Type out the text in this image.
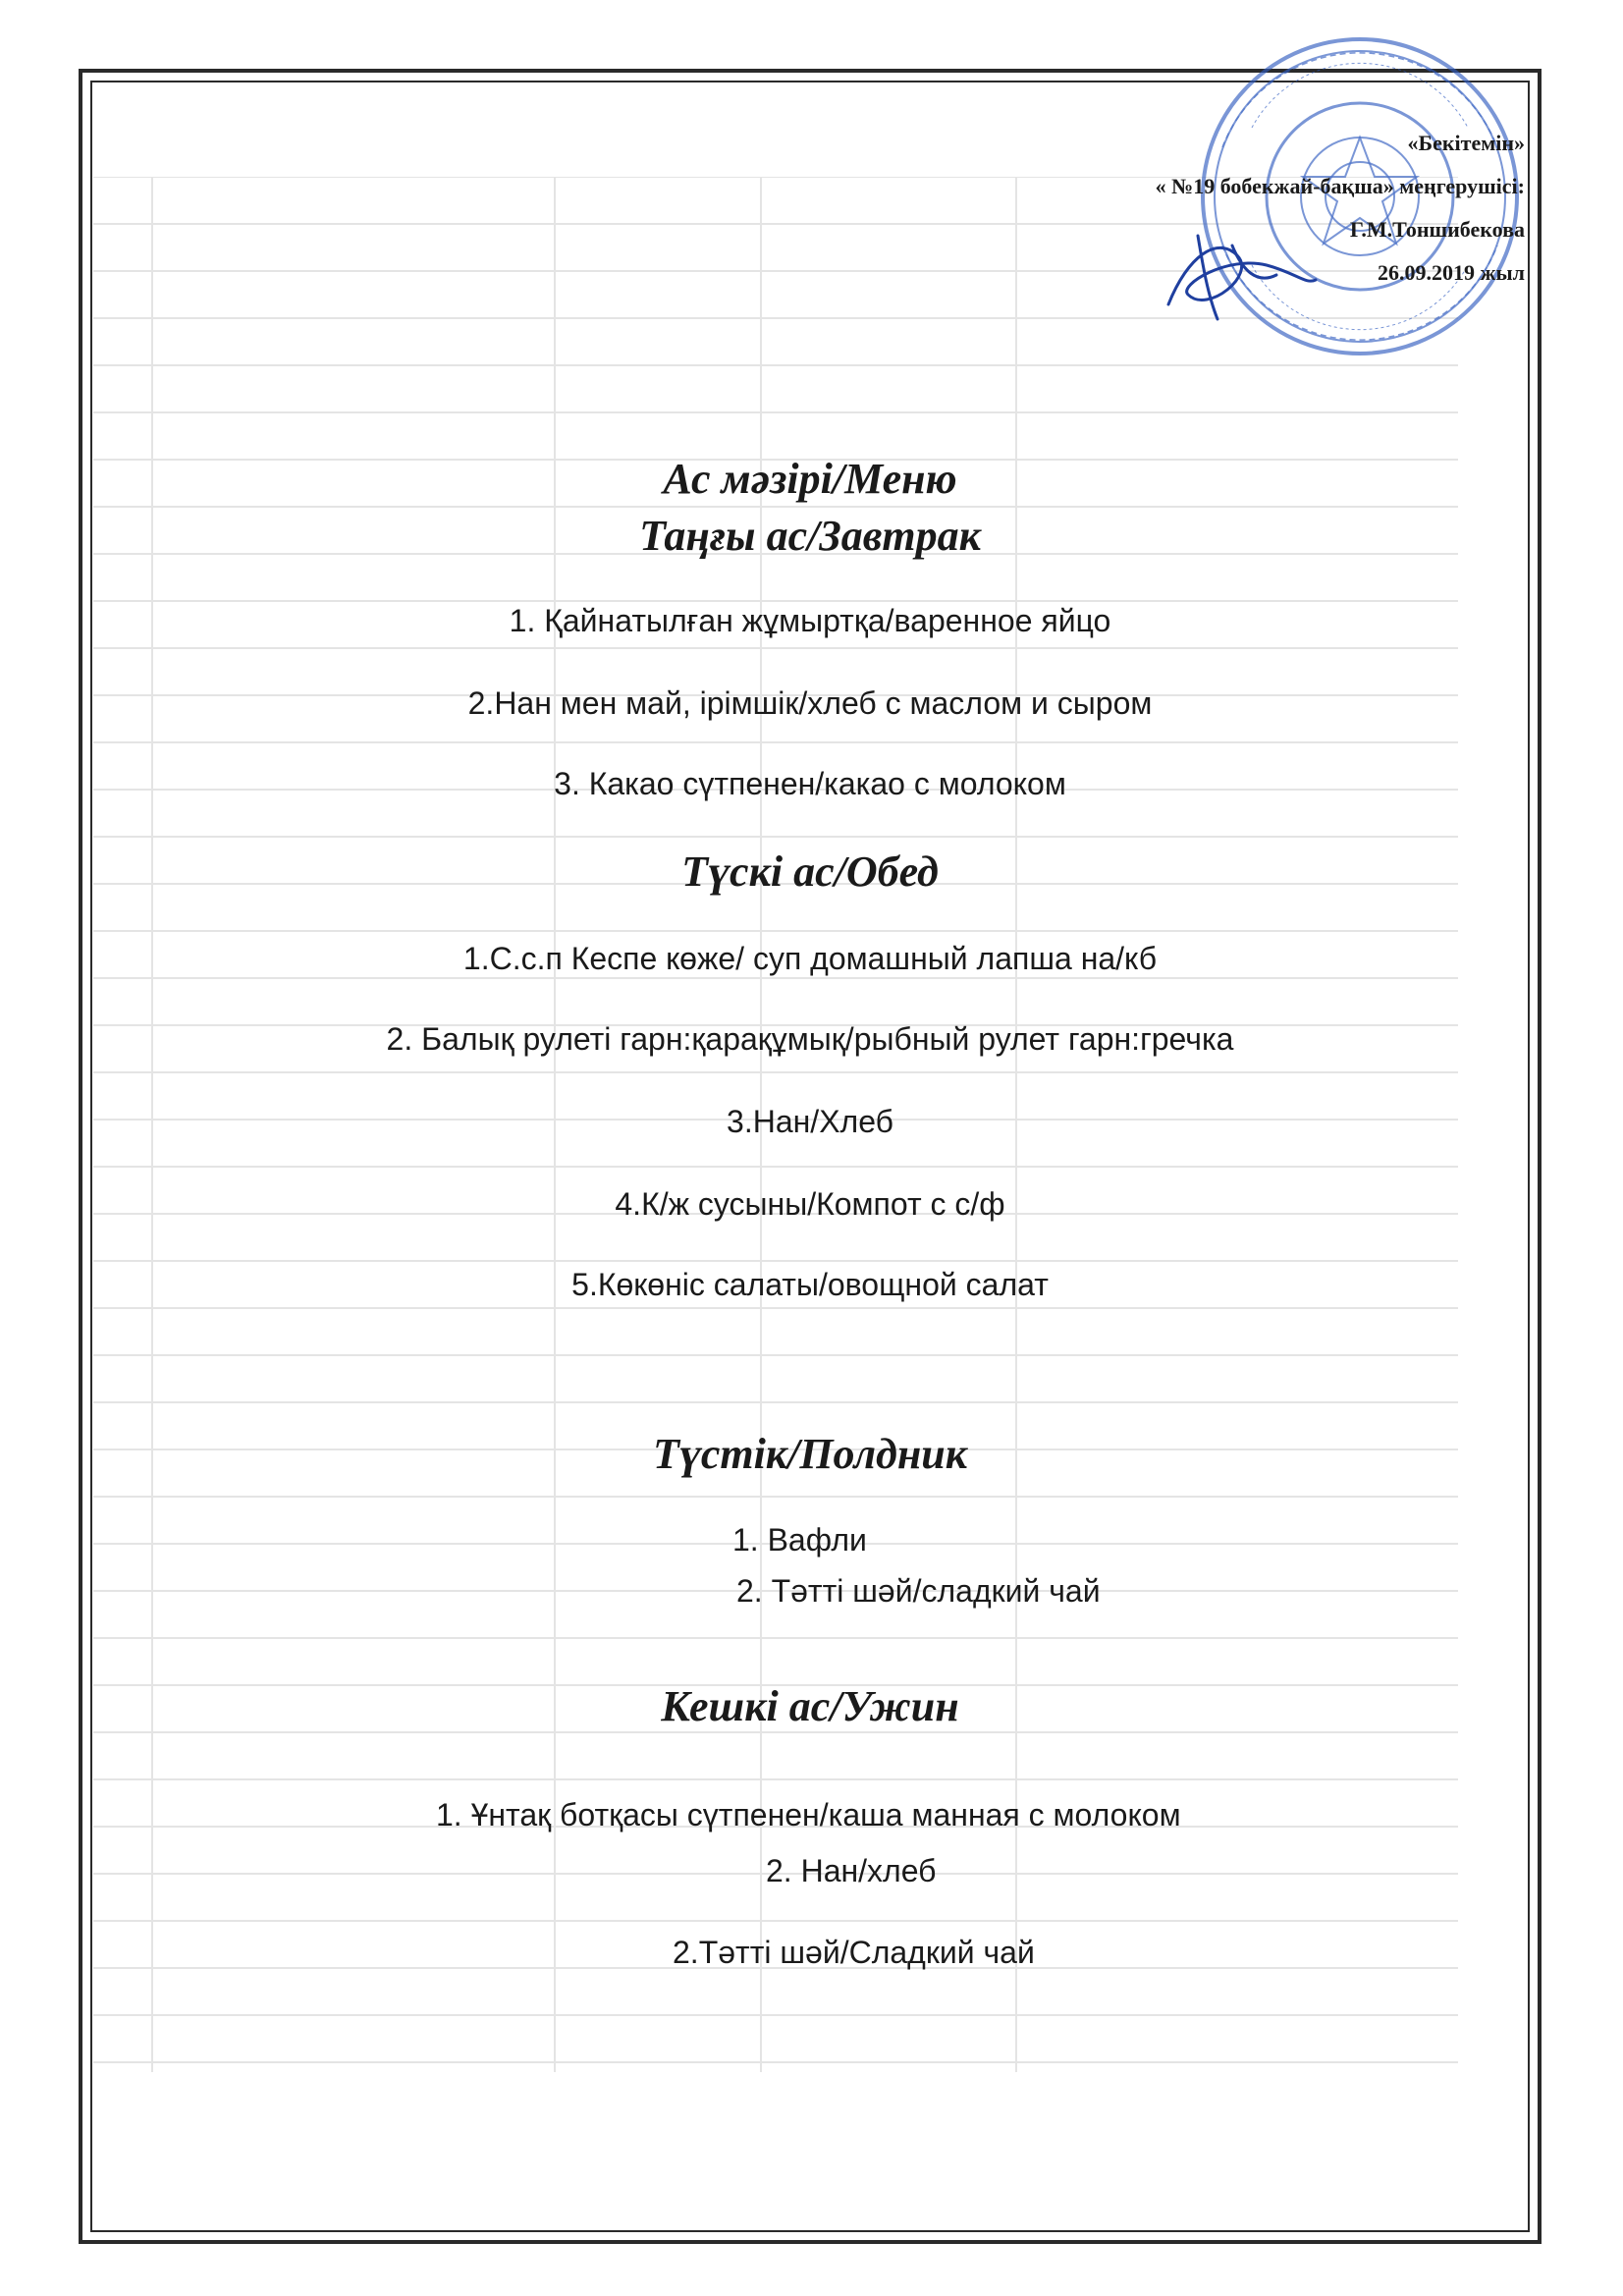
«Бекітемін»
« №19 бобекжай-бақша» меңгерушісі:
Г.М.Тоншибекова
26.09.2019 жыл
Ас мәзірі/Меню
Таңғы ас/Завтрак
1. Қайнатылған жұмыртқа/варенное яйцо
2.Нан мен май, ірімшік/хлеб с маслом и сыром
3. Какао сүтпенен/какао с молоком
Түскі ас/Обед
1.С.с.п Кеспе көже/ суп домашный лапша на/кб
2. Балық рулеті гарн:қарақұмық/рыбный рулет гарн:гречка
3.Нан/Хлеб
4.К/ж сусыны/Компот с с/ф
5.Көкөніс салаты/овощной салат
Түстік/Полдник
1. Вафли
2. Тәтті шәй/сладкий чай
Кешкі ас/Ужин
1. Ұнтақ ботқасы сүтпенен/каша манная с молоком
2. Нан/хлеб
2.Тәтті шәй/Сладкий чай
